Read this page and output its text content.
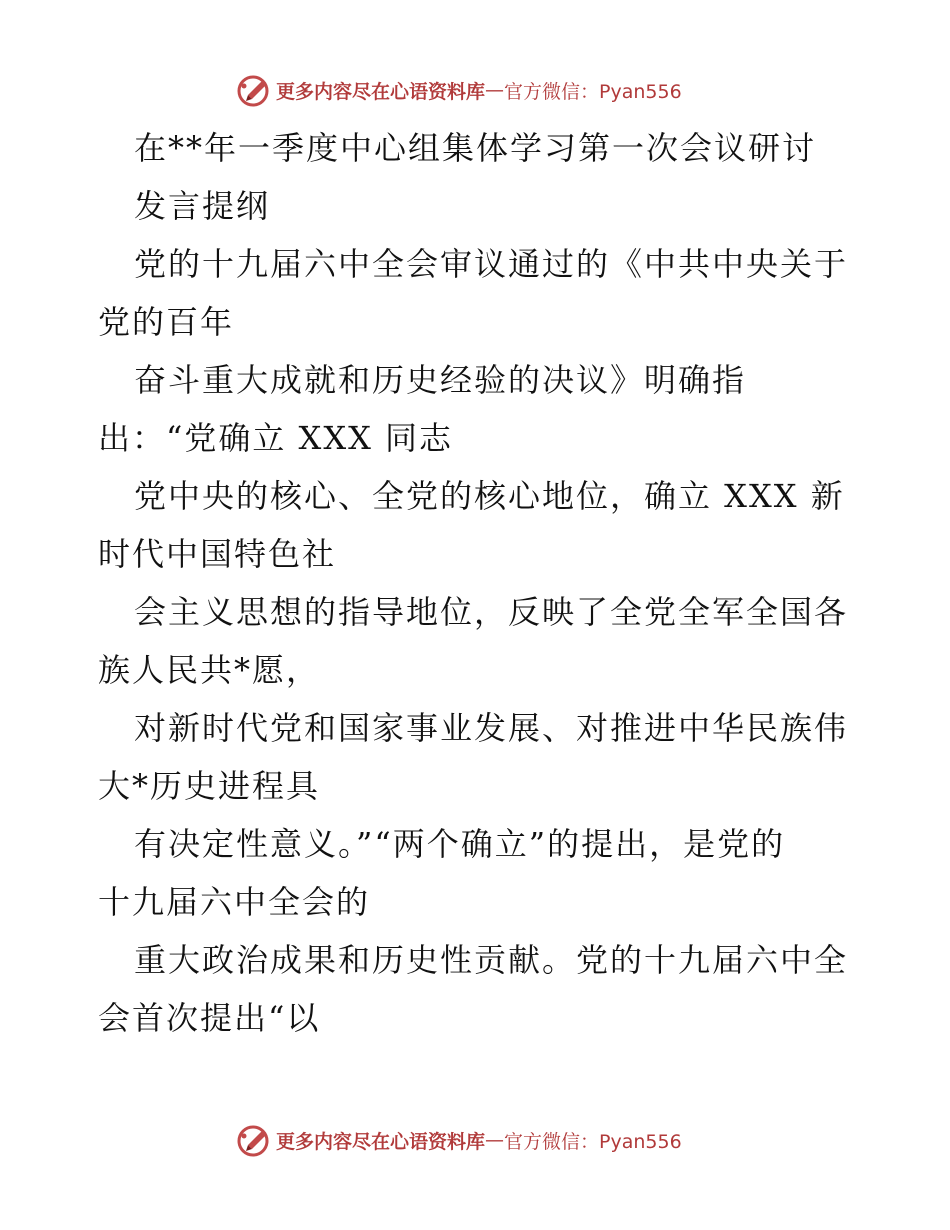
更多内容尽在心语资料库 — 官方微信：Pyan556
在**年一季度中心组集体学习第一次会议研讨
发言提纲
党的十九届六中全会审议通过的《中共中央关于
党的百年
奋斗重大成就和历史经验的决议》明确指
出：“党确立 XXX 同志
党中央的核心、全党的核心地位，确立 XXX 新
时代中国特色社
会主义思想的指导地位，反映了全党全军全国各
族人民共*愿，
对新时代党和国家事业发展、对推进中华民族伟
大*历史进程具
有决定性意义。”“两个确立”的提出，是党的
十九届六中全会的
重大政治成果和历史性贡献。党的十九届六中全
会首次提出“以
更多内容尽在心语资料库 — 官方微信：Pyan556
